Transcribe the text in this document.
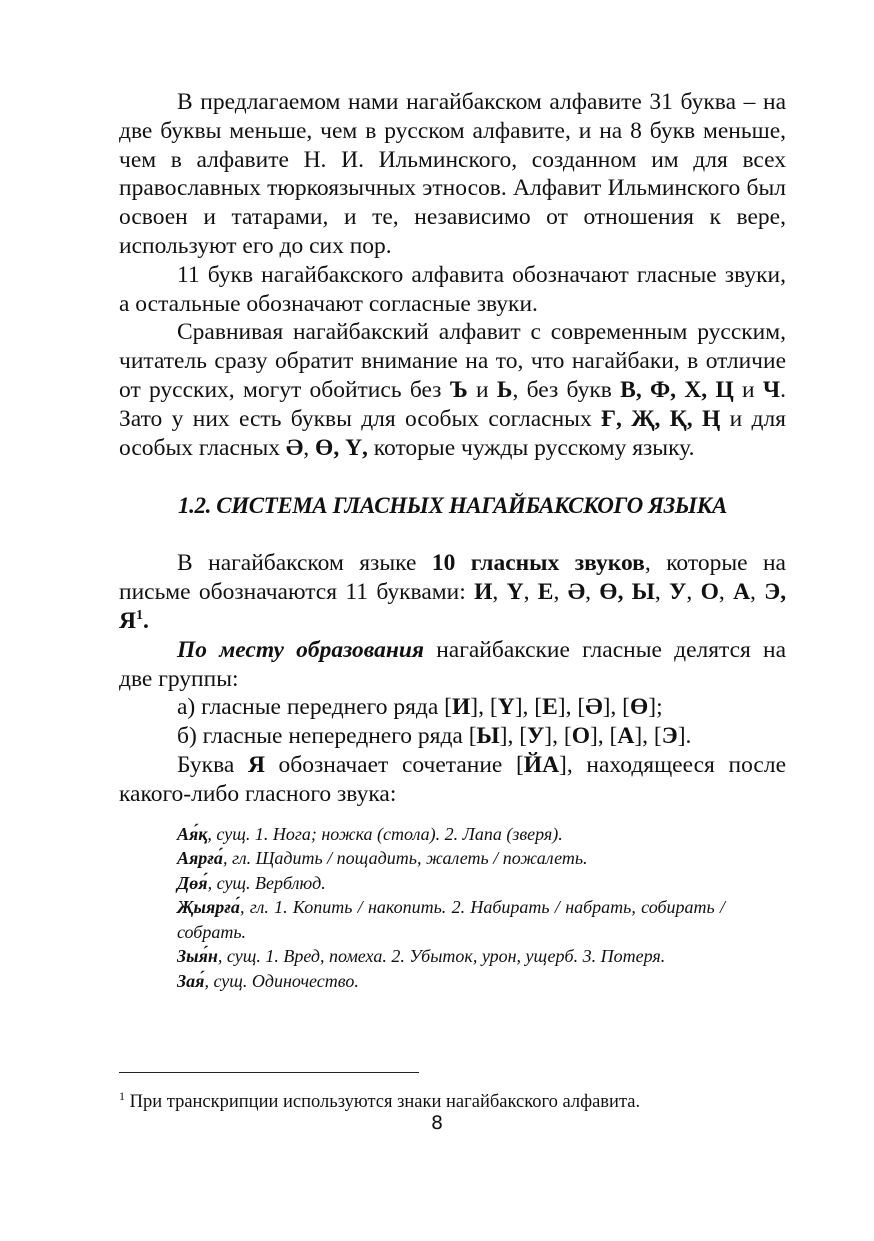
В предлагаемом нами нагайбакском алфавите 31 буква – на две буквы меньше, чем в русском алфавите, и на 8 букв меньше, чем в алфавите Н. И. Ильминского, созданном им для всех православных тюркоязычных этносов. Алфавит Ильминского был освоен и татарами, и те, независимо от отношения к вере, используют его до сих пор.

11 букв нагайбакского алфавита обозначают гласные звуки, а остальные обозначают согласные звуки.

Сравнивая нагайбакский алфавит с современным русским, читатель сразу обратит внимание на то, что нагайбаки, в отличие от русских, могут обойтись без Ъ и Ь, без букв В, Ф, Х, Ц и Ч. Зато у них есть буквы для особых согласных Ғ, Җ, Қ, Ң и для особых гласных Ә, Ө, Ү, которые чужды русскому языку.

1.2. СИСТЕМА ГЛАСНЫХ НАГАЙБАКСКОГО ЯЗЫКА

В нагайбакском языке 10 гласных звуков, которые на письме обозначаются 11 буквами: И, Ү, Е, Ә, Ө, Ы, У, О, А, Э, Я$^1$.

По месту образования нагайбакские гласные делятся на две группы:

а) гласные переднего ряда [И], [Ү], [Е], [Ә], [Ө];

б) гласные непереднего ряда [Ы], [У], [О], [А], [Э].

Буква Я обозначает сочетание [ЙА], находящееся после какого-либо гласного звука:

Ая́қ, сущ. 1. Нога; ножка (стола). 2. Лапа (зверя).

Аярға́, гл. Щадить / пощадить, жалеть / пожалеть.

Дөя́, сущ. Верблюд.

Җыярға́, гл. 1. Копить / накопить. 2. Набирать / набрать, собирать / собрать.

Зыя́н, сущ. 1. Вред, помеха. 2. Убыток, урон, ущерб. 3. Потеря.

Зая́, сущ. Одиночество.

$^1$ При транскрипции используются знаки нагайбакского алфавита.
8
